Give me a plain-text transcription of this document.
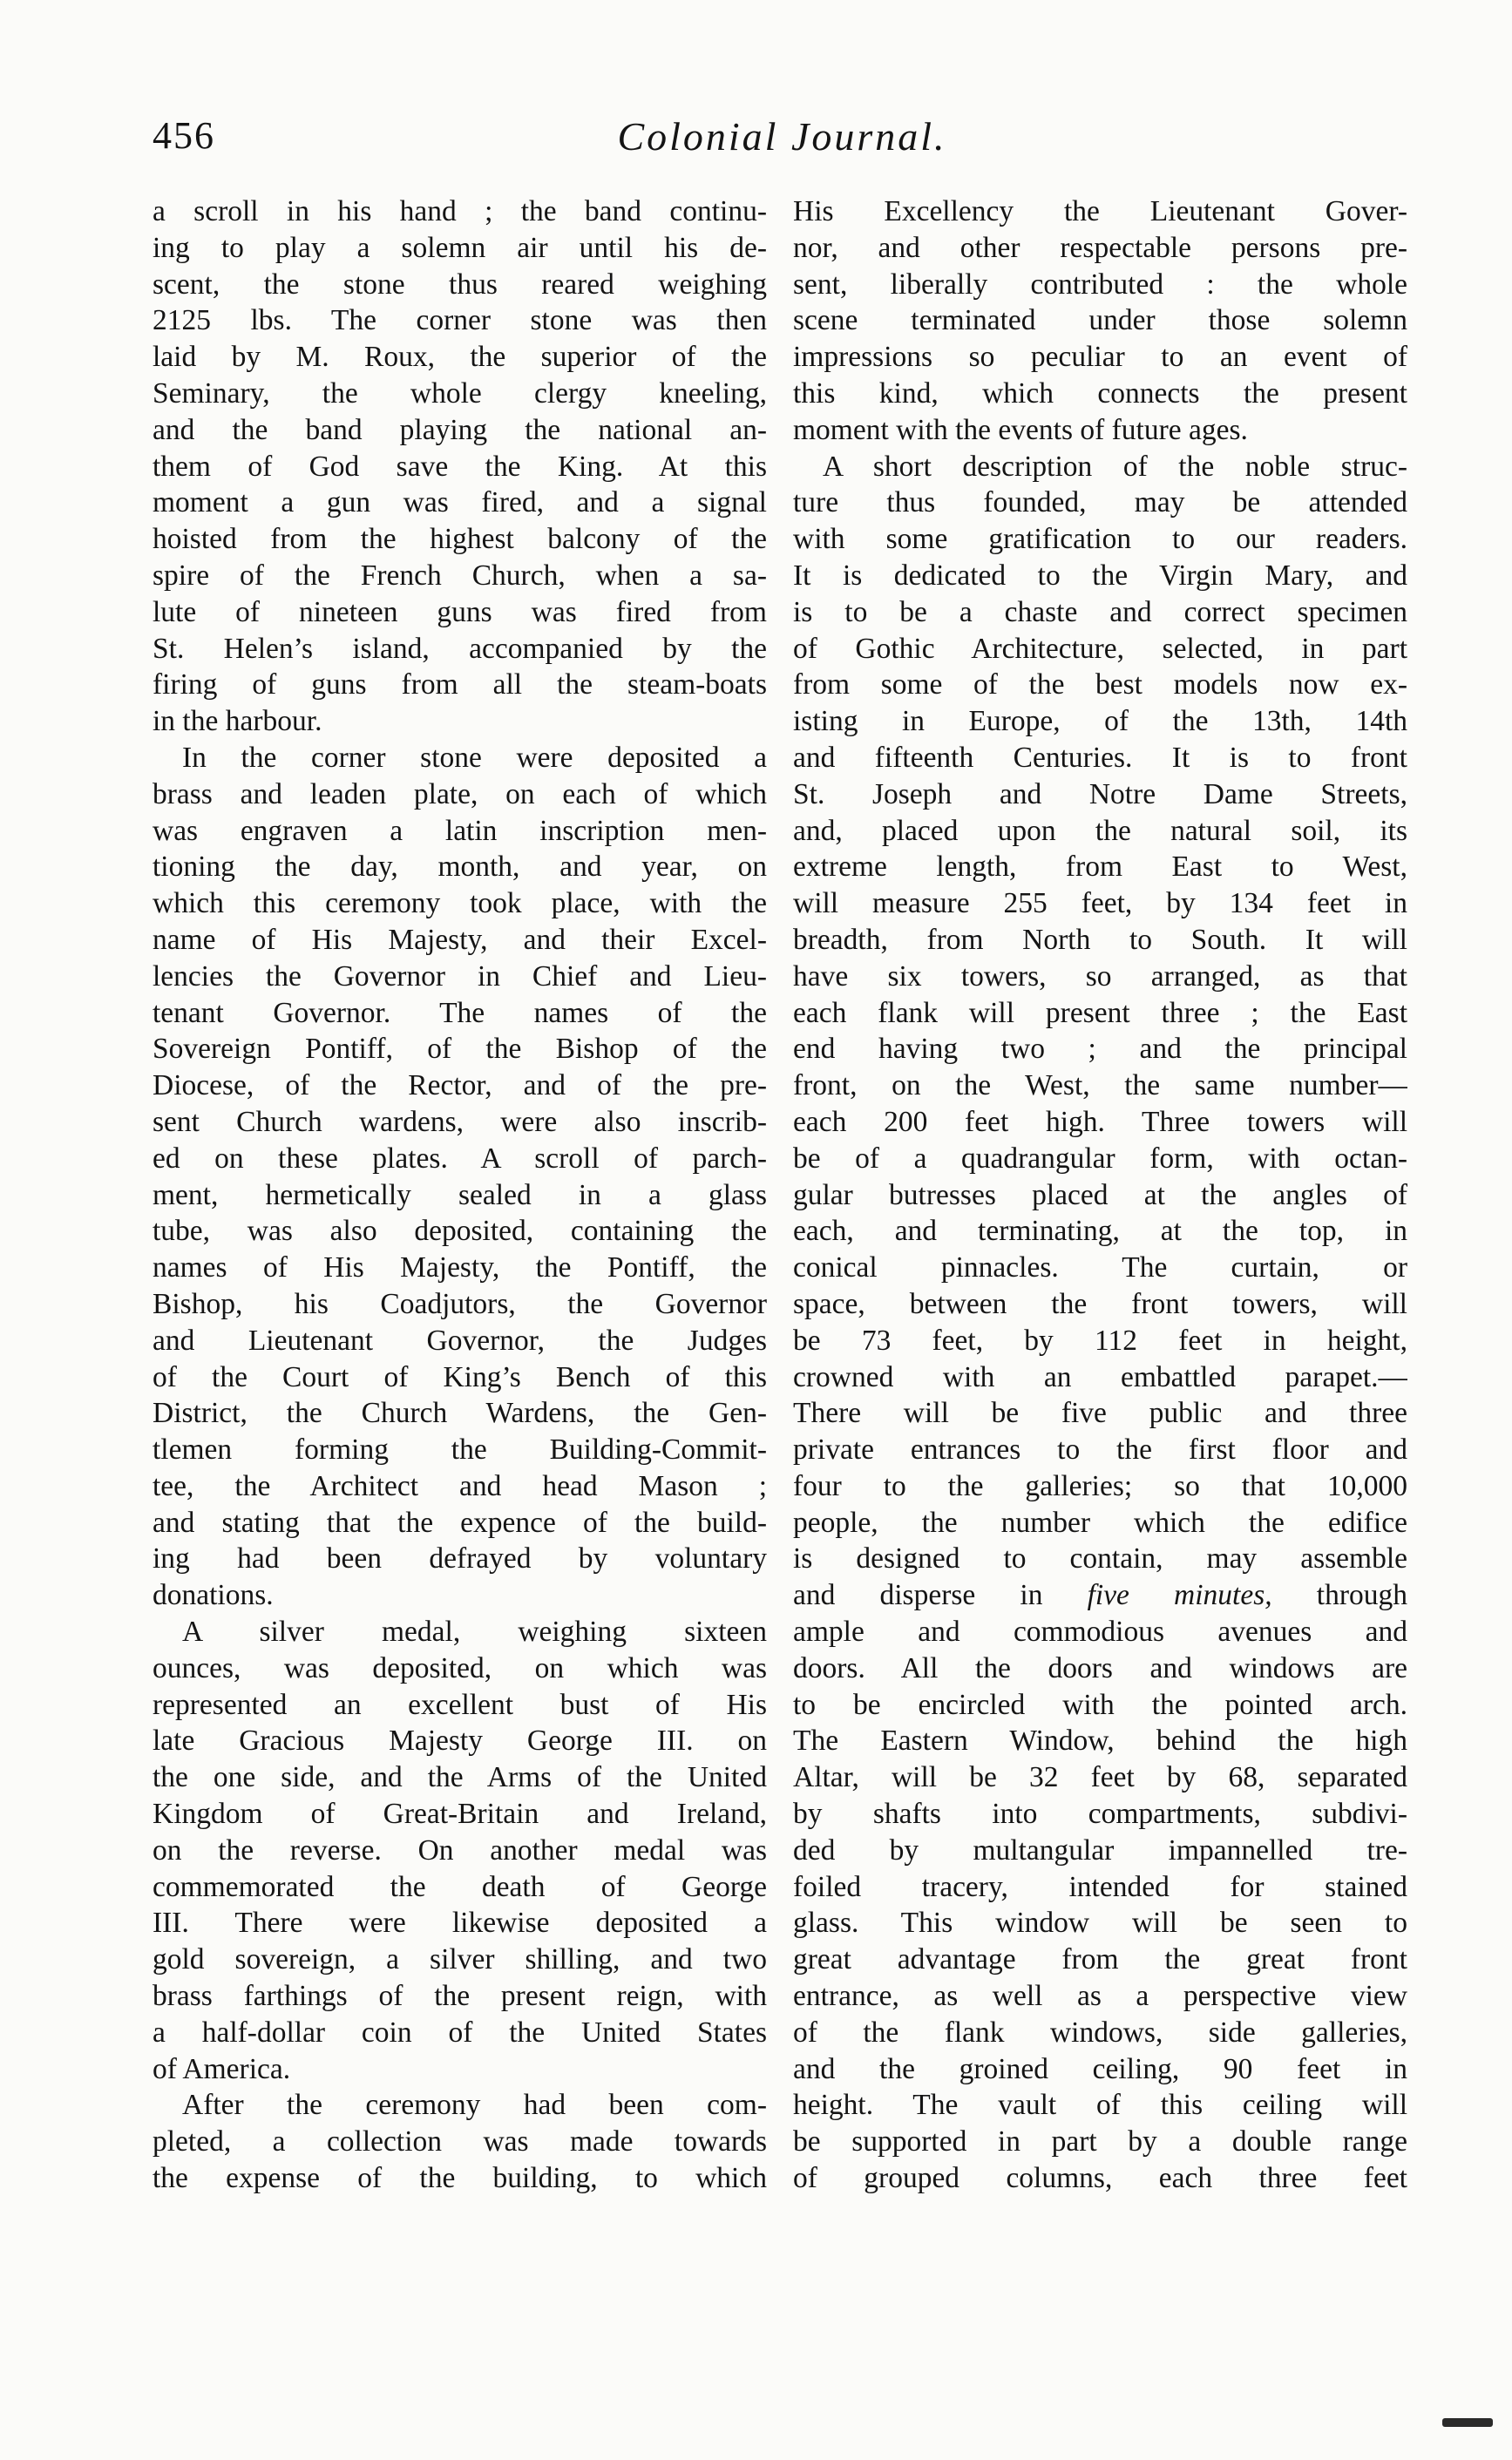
456	Colonial Journal.
a scroll in his hand ; the band continu-
ing to play a solemn air until his de-
scent, the stone thus reared weighing
2125 lbs. The corner stone was then
laid by M. Roux, the superior of the
Seminary, the whole clergy kneeling,
and the band playing the national an-
them of God save the King. At this
moment a gun was fired, and a signal
hoisted from the highest balcony of the
spire of the French Church, when a sa-
lute of nineteen guns was fired from
St. Helen’s island, accompanied by the
firing of guns from all the steam-boats
in the harbour.
In the corner stone were deposited a
brass and leaden plate, on each of which
was engraven a latin inscription men-
tioning the day, month, and year, on
which this ceremony took place, with the
name of His Majesty, and their Excel-
lencies the Governor in Chief and Lieu-
tenant Governor. The names of the
Sovereign Pontiff, of the Bishop of the
Diocese, of the Rector, and of the pre-
sent Church wardens, were also inscrib-
ed on these plates. A scroll of parch-
ment, hermetically sealed in a glass
tube, was also deposited, containing the
names of His Majesty, the Pontiff, the
Bishop, his Coadjutors, the Governor
and Lieutenant Governor, the Judges
of the Court of King’s Bench of this
District, the Church Wardens, the Gen-
tlemen forming the Building-Commit-
tee, the Architect and head Mason ;
and stating that the expence of the build-
ing had been defrayed by voluntary
donations.
A silver medal, weighing sixteen
ounces, was deposited, on which was
represented an excellent bust of His
late Gracious Majesty George III. on
the one side, and the Arms of the United
Kingdom of Great-Britain and Ireland,
on the reverse. On another medal was
commemorated the death of George
III. There were likewise deposited a
gold sovereign, a silver shilling, and two
brass farthings of the present reign, with
a half-dollar coin of the United States
of America.
After the ceremony had been com-
pleted, a collection was made towards
the expense of the building, to which
His Excellency the Lieutenant Gover-
nor, and other respectable persons pre-
sent, liberally contributed : the whole
scene terminated under those solemn
impressions so peculiar to an event of
this kind, which connects the present
moment with the events of future ages.
A short description of the noble struc-
ture thus founded, may be attended
with some gratification to our readers.
It is dedicated to the Virgin Mary, and
is to be a chaste and correct specimen
of Gothic Architecture, selected, in part
from some of the best models now ex-
isting in Europe, of the 13th, 14th
and fifteenth Centuries. It is to front
St. Joseph and Notre Dame Streets,
and, placed upon the natural soil, its
extreme length, from East to West,
will measure 255 feet, by 134 feet in
breadth, from North to South. It will
have six towers, so arranged, as that
each flank will present three ; the East
end having two ; and the principal
front, on the West, the same number—
each 200 feet high. Three towers will
be of a quadrangular form, with octan-
gular butresses placed at the angles of
each, and terminating, at the top, in
conical pinnacles. The curtain, or
space, between the front towers, will
be 73 feet, by 112 feet in height,
crowned with an embattled parapet.—
There will be five public and three
private entrances to the first floor and
four to the galleries; so that 10,000
people, the number which the edifice
is designed to contain, may assemble
and disperse in five minutes, through
ample and commodious avenues and
doors. All the doors and windows are
to be encircled with the pointed arch.
The Eastern Window, behind the high
Altar, will be 32 feet by 68, separated
by shafts into compartments, subdivi-
ded by multangular impannelled tre-
foiled tracery, intended for stained
glass. This window will be seen to
great advantage from the great front
entrance, as well as a perspective view
of the flank windows, side galleries,
and the groined ceiling, 90 feet in
height. The vault of this ceiling will
be supported in part by a double range
of grouped columns, each three feet
